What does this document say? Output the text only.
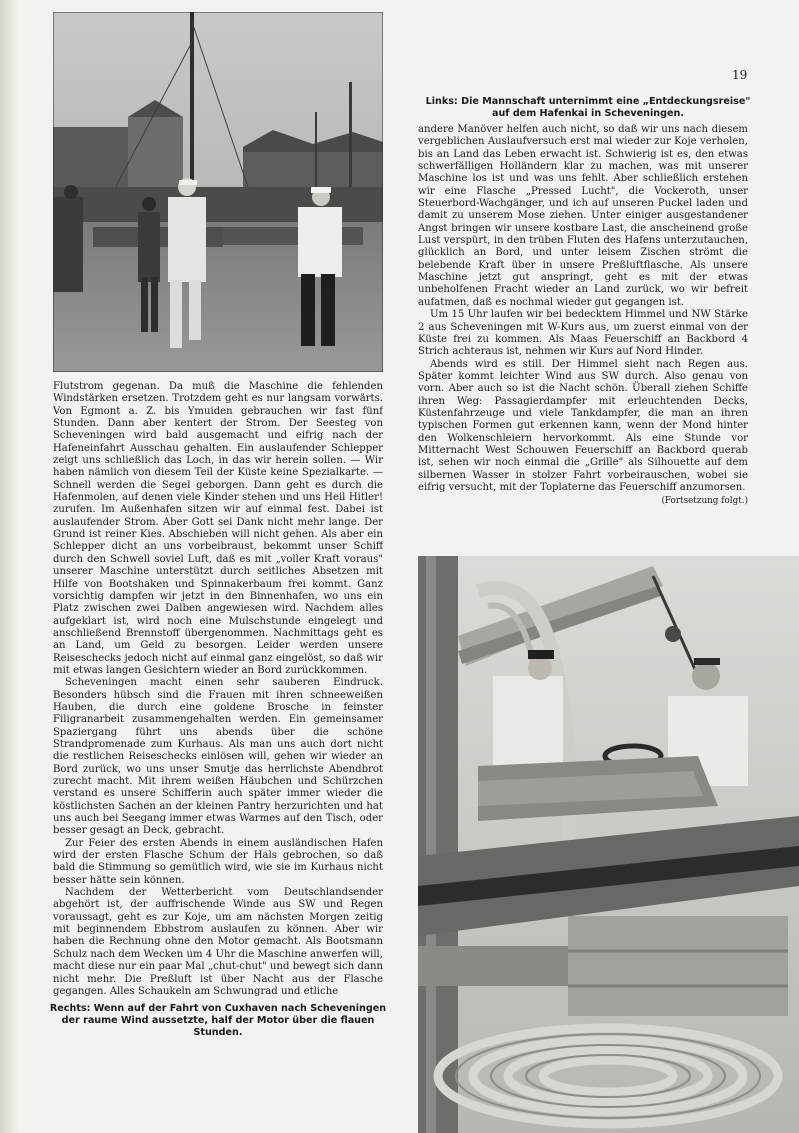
19
Links: Die Mannschaft unternimmt eine „Entdeckungsreise" auf dem Hafenkai in Scheveningen.

andere Manöver helfen auch nicht, so daß wir uns nach diesem vergeblichen Auslaufversuch erst mal wieder zur Koje verholen, bis an Land das Leben erwacht ist. Schwierig ist es, den etwas schwerfälligen Holländern klar zu machen, was mit unserer Maschine los ist und was uns fehlt. Aber schließlich erstehen wir eine Flasche „Pressed Lucht", die Vockeroth, unser Steuerbord-Wachgänger, und ich auf unseren Puckel laden und damit zu unserem Mose ziehen. Unter einiger ausgestandener Angst bringen wir unsere kostbare Last, die anscheinend große Lust verspürt, in den trüben Fluten des Hafens unterzutauchen, glücklich an Bord, und unter leisem Zischen strömt die belebende Kraft über in unsere Preßluftflasche. Als unsere Maschine jetzt gut anspringt, geht es mit der etwas unbeholfenen Fracht wieder an Land zurück, wo wir befreit aufatmen, daß es nochmal wieder gut gegangen ist.

Um 15 Uhr laufen wir bei bedecktem Himmel und NW Stärke 2 aus Scheveningen mit W-Kurs aus, um zuerst einmal von der Küste frei zu kommen. Als Maas Feuerschiff an Backbord 4 Strich achteraus ist, nehmen wir Kurs auf Nord Hinder.

Abends wird es still. Der Himmel sieht nach Regen aus. Später kommt leichter Wind aus SW durch. Also genau von vorn. Aber auch so ist die Nacht schön. Überall ziehen Schiffe ihren Weg: Passagierdampfer mit erleuchtenden Decks, Küstenfahrzeuge und viele Tankdampfer, die man an ihren typischen Formen gut erkennen kann, wenn der Mond hinter den Wolkenschleiern hervorkommt. Als eine Stunde vor Mitternacht West Schouwen Feuerschiff an Backbord querab ist, sehen wir noch einmal die „Grille" als Silhouette auf dem silbernen Wasser in stolzer Fahrt vorbeirauschen, wobei sie eifrig versucht, mit der Toplaterne das Feuerschiff anzumorsen.

(Fortsetzung folgt.)

Flutstrom gegenan. Da muß die Maschine die fehlenden Windstärken ersetzen. Trotzdem geht es nur langsam vorwärts. Von Egmont a. Z. bis Ymuiden gebrauchen wir fast fünf Stunden. Dann aber kentert der Strom. Der Seesteg von Scheveningen wird bald ausgemacht und eifrig nach der Hafeneinfahrt Ausschau gehalten. Ein auslaufender Schlepper zeigt uns schließlich das Loch, in das wir herein sollen. — Wir haben nämlich von diesem Teil der Küste keine Spezialkarte. — Schnell werden die Segel geborgen. Dann geht es durch die Hafenmolen, auf denen viele Kinder stehen und uns Heil Hitler! zurufen. Im Außenhafen sitzen wir auf einmal fest. Dabei ist auslaufender Strom. Aber Gott sei Dank nicht mehr lange. Der Grund ist reiner Kies. Abschieben will nicht gehen. Als aber ein Schlepper dicht an uns vorbeibraust, bekommt unser Schiff durch den Schwell soviel Luft, daß es mit „voller Kraft voraus" unserer Maschine unterstützt durch seitliches Absetzen mit Hilfe von Bootshaken und Spinnakerbaum frei kommt. Ganz vorsichtig dampfen wir jetzt in den Binnenhafen, wo uns ein Platz zwischen zwei Dalben angewiesen wird. Nachdem alles aufgeklart ist, wird noch eine Mulschstunde eingelegt und anschließend Brennstoff übergenommen. Nachmittags geht es an Land, um Geld zu besorgen. Leider werden unsere Reiseschecks jedoch nicht auf einmal ganz eingelöst, so daß wir mit etwas langen Gesichtern wieder an Bord zurückkommen.

Scheveningen macht einen sehr sauberen Eindruck. Besonders hübsch sind die Frauen mit ihren schneeweißen Hauben, die durch eine goldene Brosche in feinster Filigranarbeit zusammengehalten werden. Ein gemeinsamer Spaziergang führt uns abends über die schöne Strandpromenade zum Kurhaus. Als man uns auch dort nicht die restlichen Reiseschecks einlösen will, gehen wir wieder an Bord zurück, wo uns unser Smutje das herrlichste Abendbrot zurecht macht. Mit ihrem weißen Häubchen und Schürzchen verstand es unsere Schifferin auch später immer wieder die köstlichsten Sachen an der kleinen Pantry herzurichten und hat uns auch bei Seegang immer etwas Warmes auf den Tisch, oder besser gesagt an Deck, gebracht.

Zur Feier des ersten Abends in einem ausländischen Hafen wird der ersten Flasche Schum der Hals gebrochen, so daß bald die Stimmung so gemütlich wird, wie sie im Kurhaus nicht besser hätte sein können.

Nachdem der Wetterbericht vom Deutschlandsender abgehört ist, der auffrischende Winde aus SW und Regen voraussagt, geht es zur Koje, um am nächsten Morgen zeitig mit beginnendem Ebbstrom auslaufen zu können. Aber wir haben die Rechnung ohne den Motor gemacht. Als Bootsmann Schulz nach dem Wecken um 4 Uhr die Maschine anwerfen will, macht diese nur ein paar Mal „chut-chut" und bewegt sich dann nicht mehr. Die Preßluft ist über Nacht aus der Flasche gegangen. Alles Schaukeln am Schwungrad und etliche

Rechts: Wenn auf der Fahrt von Cuxhaven nach Scheveningen der raume Wind aussetzte, half der Motor über die flauen Stunden.
